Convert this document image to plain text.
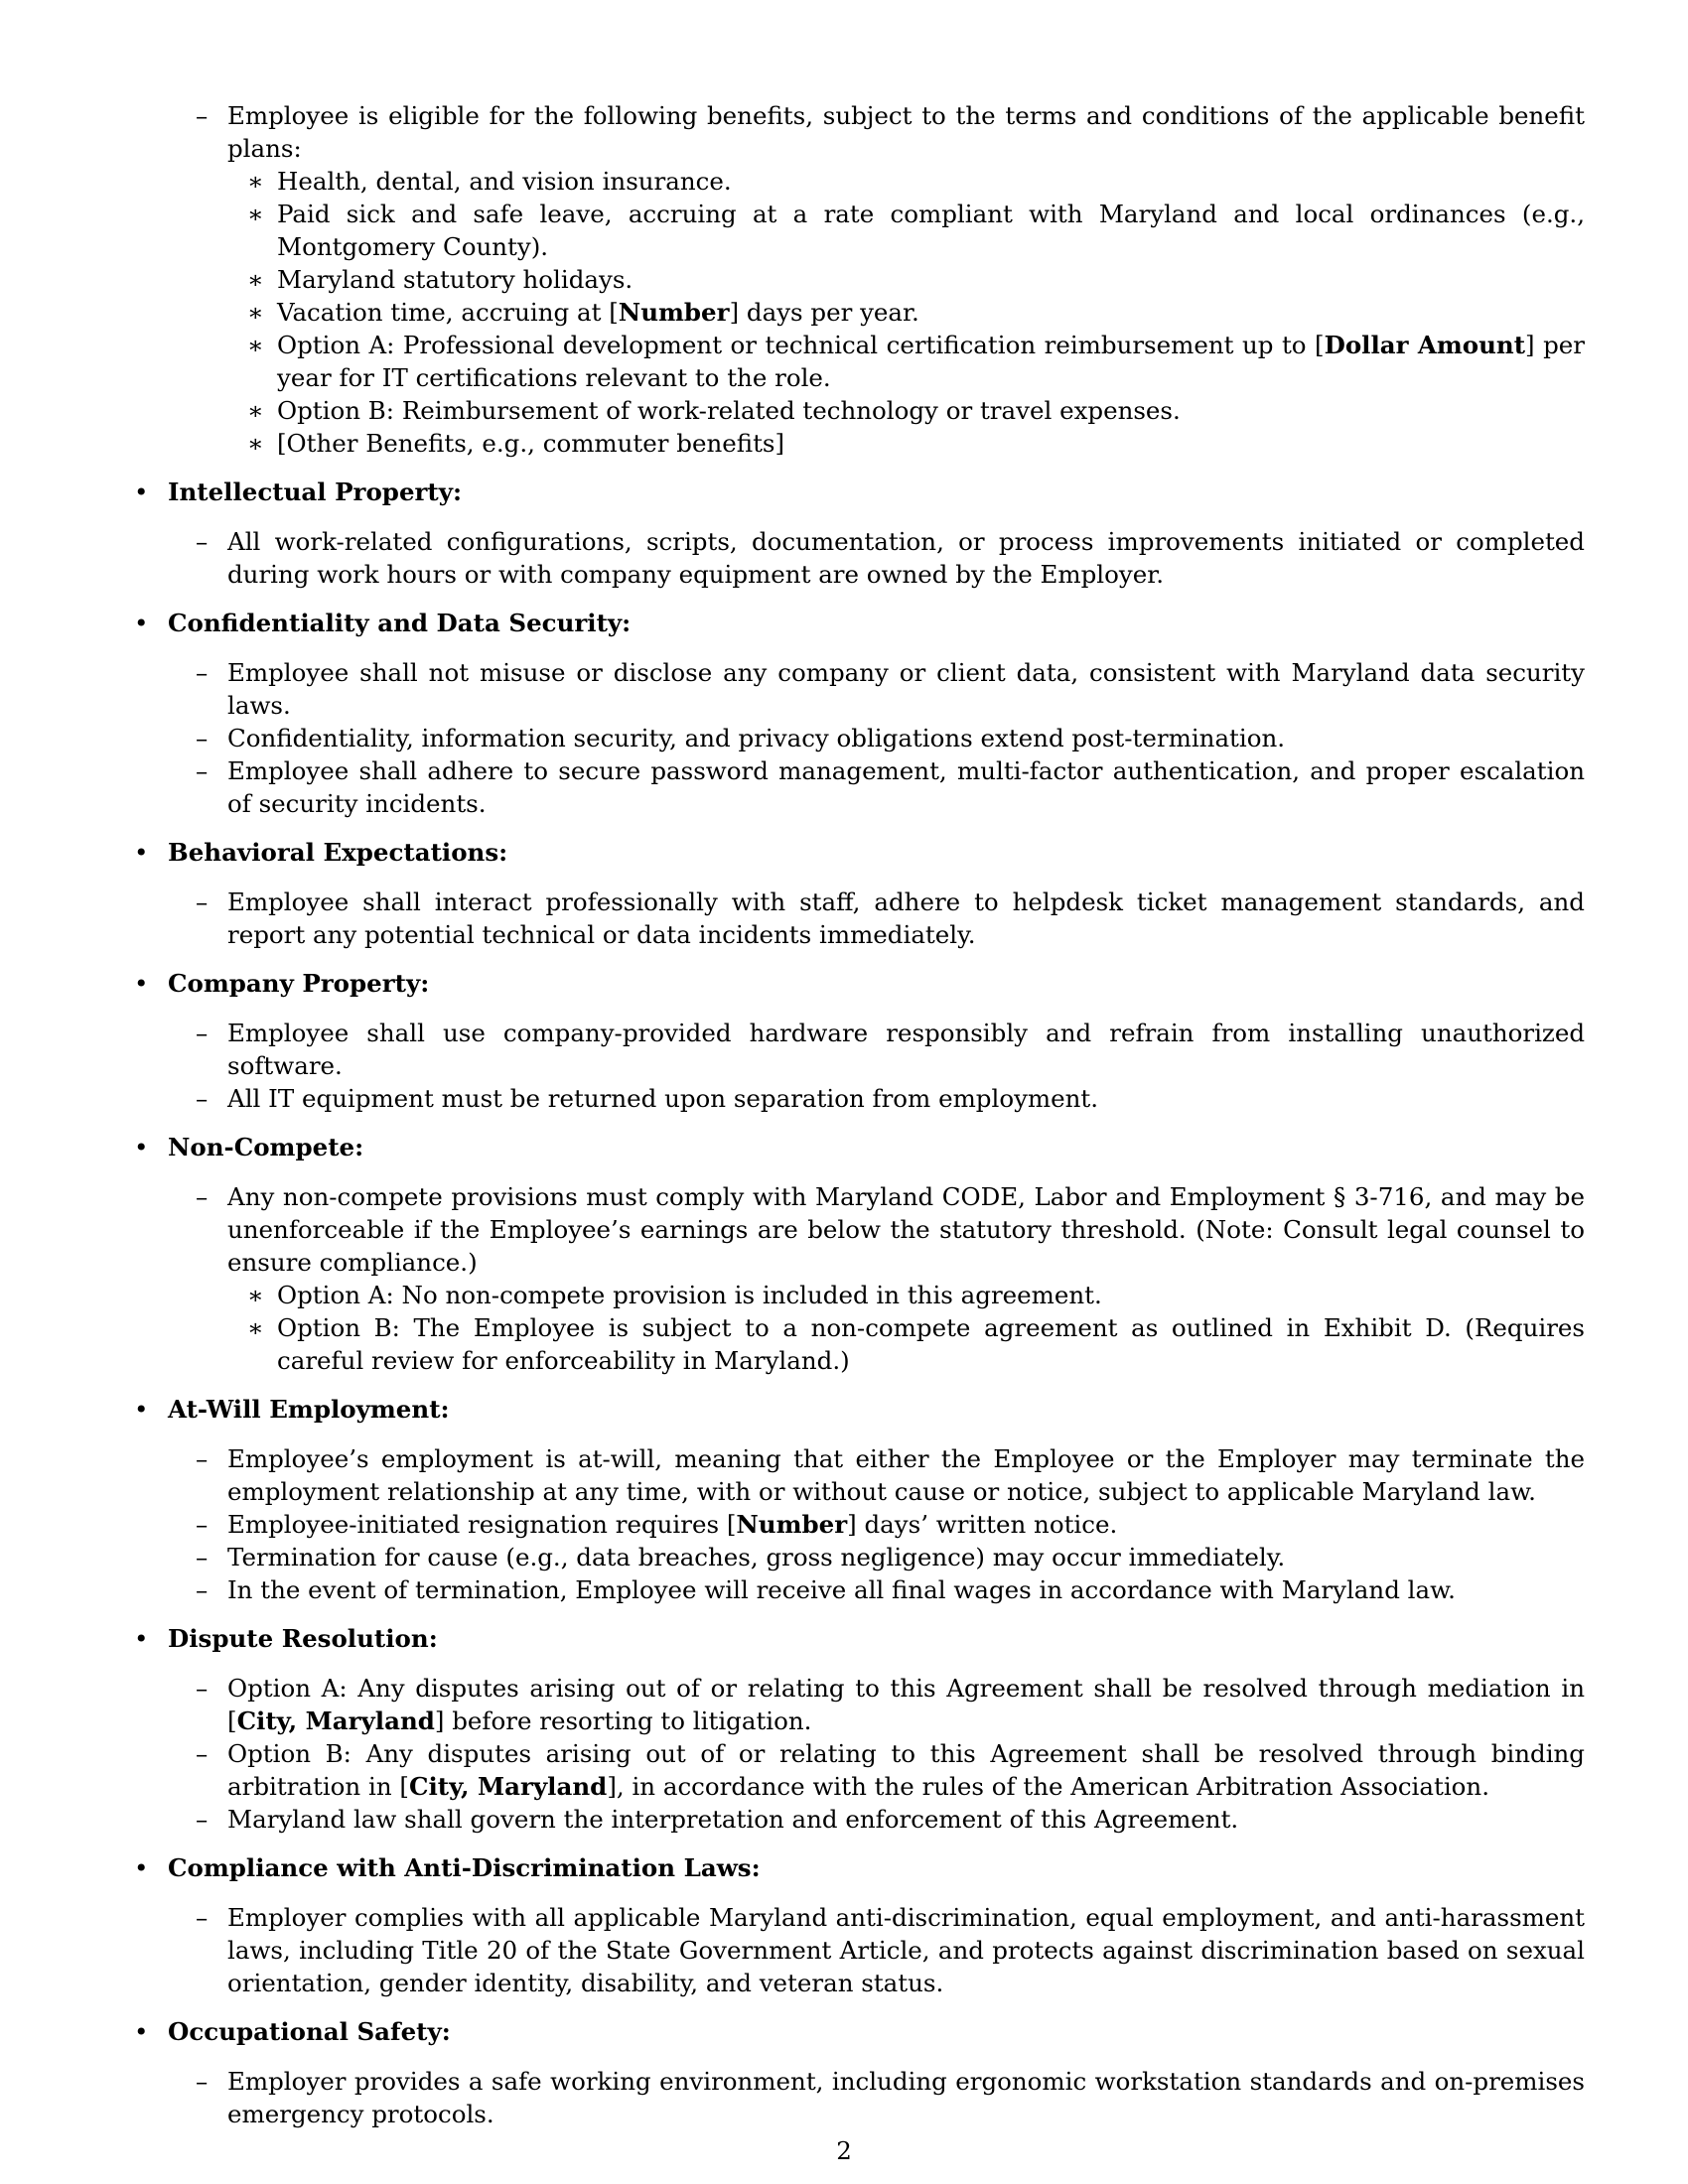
– Employee is eligible for the following benefits, subject to the terms and conditions of the applicable benefit plans:
∗ Health, dental, and vision insurance.
∗ Paid sick and safe leave, accruing at a rate compliant with Maryland and local ordinances (e.g., Montgomery County).
∗ Maryland statutory holidays.
∗ Vacation time, accruing at [Number] days per year.
∗ Option A: Professional development or technical certification reimbursement up to [Dollar Amount] per year for IT certifications relevant to the role.
∗ Option B: Reimbursement of work-related technology or travel expenses.
∗ [Other Benefits, e.g., commuter benefits]
• Intellectual Property:
– All work-related configurations, scripts, documentation, or process improvements initiated or completed during work hours or with company equipment are owned by the Employer.
• Confidentiality and Data Security:
– Employee shall not misuse or disclose any company or client data, consistent with Maryland data security laws.
– Confidentiality, information security, and privacy obligations extend post-termination.
– Employee shall adhere to secure password management, multi-factor authentication, and proper escalation of security incidents.
• Behavioral Expectations:
– Employee shall interact professionally with staff, adhere to helpdesk ticket management standards, and report any potential technical or data incidents immediately.
• Company Property:
– Employee shall use company-provided hardware responsibly and refrain from installing unauthorized software.
– All IT equipment must be returned upon separation from employment.
• Non-Compete:
– Any non-compete provisions must comply with Maryland CODE, Labor and Employment § 3-716, and may be unenforceable if the Employee’s earnings are below the statutory threshold. (Note: Consult legal counsel to ensure compliance.)
∗ Option A: No non-compete provision is included in this agreement.
∗ Option B: The Employee is subject to a non-compete agreement as outlined in Exhibit D. (Requires careful review for enforceability in Maryland.)
• At-Will Employment:
– Employee’s employment is at-will, meaning that either the Employee or the Employer may terminate the employment relationship at any time, with or without cause or notice, subject to applicable Maryland law.
– Employee-initiated resignation requires [Number] days’ written notice.
– Termination for cause (e.g., data breaches, gross negligence) may occur immediately.
– In the event of termination, Employee will receive all final wages in accordance with Maryland law.
• Dispute Resolution:
– Option A: Any disputes arising out of or relating to this Agreement shall be resolved through mediation in [City, Maryland] before resorting to litigation.
– Option B: Any disputes arising out of or relating to this Agreement shall be resolved through binding arbitration in [City, Maryland], in accordance with the rules of the American Arbitration Association.
– Maryland law shall govern the interpretation and enforcement of this Agreement.
• Compliance with Anti-Discrimination Laws:
– Employer complies with all applicable Maryland anti-discrimination, equal employment, and anti-harassment laws, including Title 20 of the State Government Article, and protects against discrimination based on sexual orientation, gender identity, disability, and veteran status.
• Occupational Safety:
– Employer provides a safe working environment, including ergonomic workstation standards and on-premises emergency protocols.
2
